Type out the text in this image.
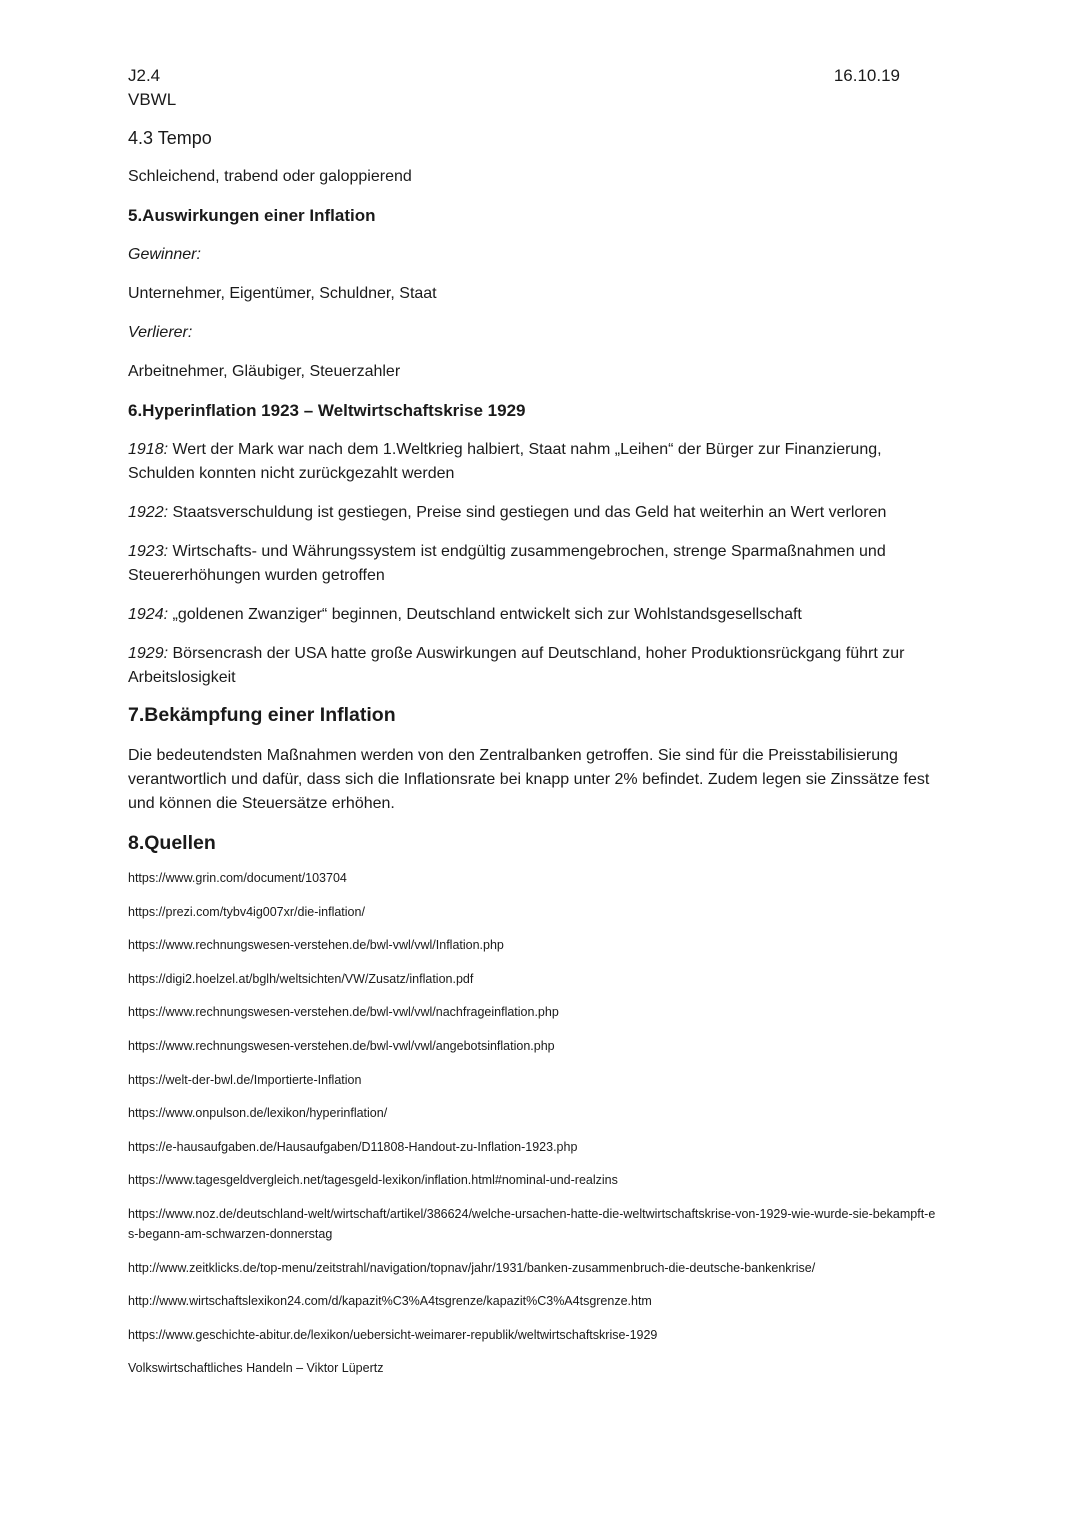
J2.4	16.10.19
VBWL
4.3 Tempo
Schleichend, trabend oder galoppierend
5.Auswirkungen einer Inflation
Gewinner:
Unternehmer, Eigentümer, Schuldner, Staat
Verlierer:
Arbeitnehmer, Gläubiger, Steuerzahler
6.Hyperinflation 1923 – Weltwirtschaftskrise 1929
1918: Wert der Mark war nach dem 1.Weltkrieg halbiert, Staat nahm „Leihen“ der Bürger zur Finanzierung, Schulden konnten nicht zurückgezahlt werden
1922: Staatsverschuldung ist gestiegen, Preise sind gestiegen und das Geld hat weiterhin an Wert verloren
1923: Wirtschafts- und Währungssystem ist endgültig zusammengebrochen, strenge Sparmaßnahmen und Steuererhöhungen wurden getroffen
1924: „goldenen Zwanziger“ beginnen, Deutschland entwickelt sich zur Wohlstandsgesellschaft
1929: Börsencrash der USA hatte große Auswirkungen auf Deutschland, hoher Produktionsrückgang führt zur Arbeitslosigkeit
7.Bekämpfung einer Inflation
Die bedeutendsten Maßnahmen werden von den Zentralbanken getroffen. Sie sind für die Preisstabilisierung verantwortlich und dafür, dass sich die Inflationsrate bei knapp unter 2% befindet. Zudem legen sie Zinssätze fest und können die Steuersätze erhöhen.
8.Quellen
https://www.grin.com/document/103704
https://prezi.com/tybv4ig007xr/die-inflation/
https://www.rechnungswesen-verstehen.de/bwl-vwl/vwl/Inflation.php
https://digi2.hoelzel.at/bglh/weltsichten/VW/Zusatz/inflation.pdf
https://www.rechnungswesen-verstehen.de/bwl-vwl/vwl/nachfrageinflation.php
https://www.rechnungswesen-verstehen.de/bwl-vwl/vwl/angebotsinflation.php
https://welt-der-bwl.de/Importierte-Inflation
https://www.onpulson.de/lexikon/hyperinflation/
https://e-hausaufgaben.de/Hausaufgaben/D11808-Handout-zu-Inflation-1923.php
https://www.tagesgeldvergleich.net/tagesgeld-lexikon/inflation.html#nominal-und-realzins
https://www.noz.de/deutschland-welt/wirtschaft/artikel/386624/welche-ursachen-hatte-die-weltwirtschaftskrise-von-1929-wie-wurde-sie-bekampft-es-begann-am-schwarzen-donnerstag
http://www.zeitklicks.de/top-menu/zeitstrahl/navigation/topnav/jahr/1931/banken-zusammenbruch-die-deutsche-bankenkrise/
http://www.wirtschaftslexikon24.com/d/kapazit%C3%A4tsgrenze/kapazit%C3%A4tsgrenze.htm
https://www.geschichte-abitur.de/lexikon/uebersicht-weimarer-republik/weltwirtschaftskrise-1929
Volkswirtschaftliches Handeln – Viktor Lüpertz
